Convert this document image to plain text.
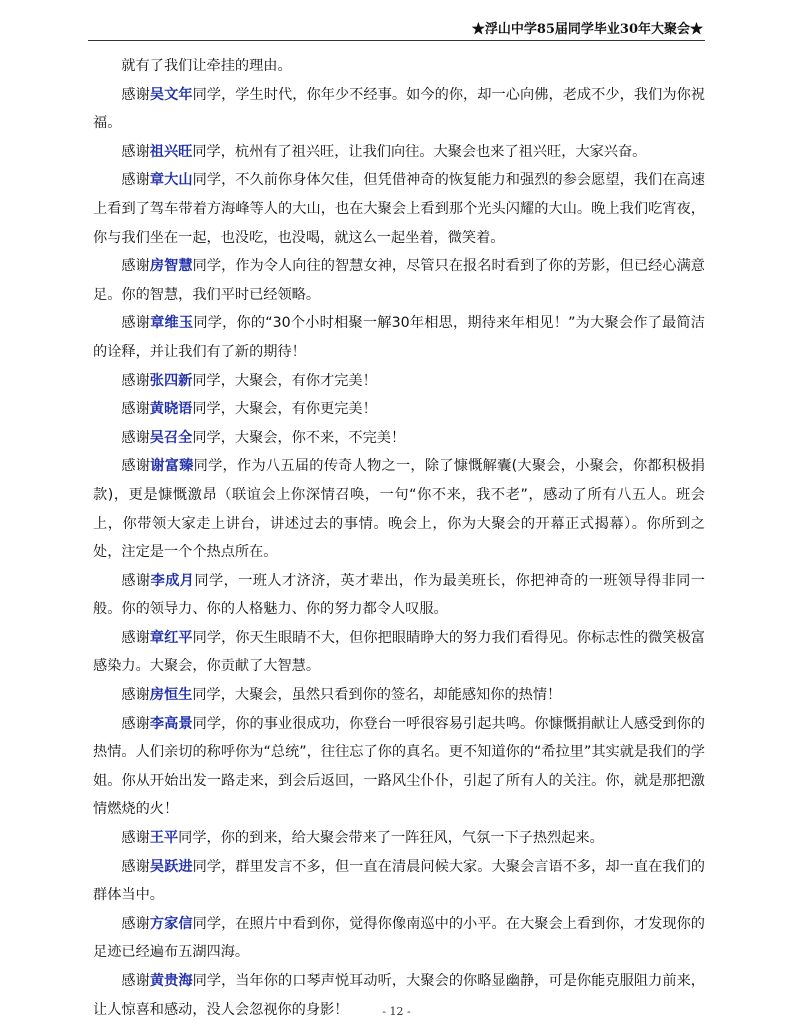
★浮山中学85届同学毕业30年大聚会★

就有了我们让牵挂的理由。

感谢吴文年同学，学生时代，你年少不经事。如今的你，却一心向佛，老成不少，我们为你祝福。

感谢祖兴旺同学，杭州有了祖兴旺，让我们向往。大聚会也来了祖兴旺，大家兴奋。

感谢章大山同学，不久前你身体欠佳，但凭借神奇的恢复能力和强烈的参会愿望，我们在高速上看到了驾车带着方海峰等人的大山，也在大聚会上看到那个光头闪耀的大山。晚上我们吃宵夜，你与我们坐在一起，也没吃，也没喝，就这么一起坐着，微笑着。

感谢房智慧同学，作为令人向往的智慧女神，尽管只在报名时看到了你的芳影，但已经心满意足。你的智慧，我们平时已经领略。

感谢章维玉同学，你的“30个小时相聚一解30年相思，期待来年相见！”为大聚会作了最简洁的诠释，并让我们有了新的期待！

感谢张四新同学，大聚会，有你才完美！

感谢黄晓语同学，大聚会，有你更完美！

感谢吴召全同学，大聚会，你不来，不完美！

感谢谢富臻同学，作为八五届的传奇人物之一，除了慷慨解囊(大聚会，小聚会，你都积极捐款)，更是慷慨激昂（联谊会上你深情召唤，一句“你不来，我不老”，感动了所有八五人。班会上，你带领大家走上讲台，讲述过去的事情。晚会上，你为大聚会的开幕正式揭幕）。你所到之处，注定是一个个热点所在。

感谢李成月同学，一班人才济济，英才辈出，作为最美班长，你把神奇的一班领导得非同一般。你的领导力、你的人格魅力、你的努力都令人叹服。

感谢章红平同学，你天生眼睛不大，但你把眼睛睁大的努力我们看得见。你标志性的微笑极富感染力。大聚会，你贡献了大智慧。

感谢房恒生同学，大聚会，虽然只看到你的签名，却能感知你的热情！

感谢李高景同学，你的事业很成功，你登台一呼很容易引起共鸣。你慷慨捐献让人感受到你的热情。人们亲切的称呼你为“总统”，往往忘了你的真名。更不知道你的“希拉里”其实就是我们的学姐。你从开始出发一路走来，到会后返回，一路风尘仆仆，引起了所有人的关注。你，就是那把激情燃烧的火！

感谢王平同学，你的到来，给大聚会带来了一阵狂风，气氛一下子热烈起来。

感谢吴跃进同学，群里发言不多，但一直在清晨问候大家。大聚会言语不多，却一直在我们的群体当中。

感谢方家信同学，在照片中看到你，觉得你像南巡中的小平。在大聚会上看到你，才发现你的足迹已经遍布五湖四海。

感谢黄贵海同学，当年你的口琴声悦耳动听，大聚会的你略显幽静，可是你能克服阻力前来，让人惊喜和感动，没人会忽视你的身影！	- 12 -
